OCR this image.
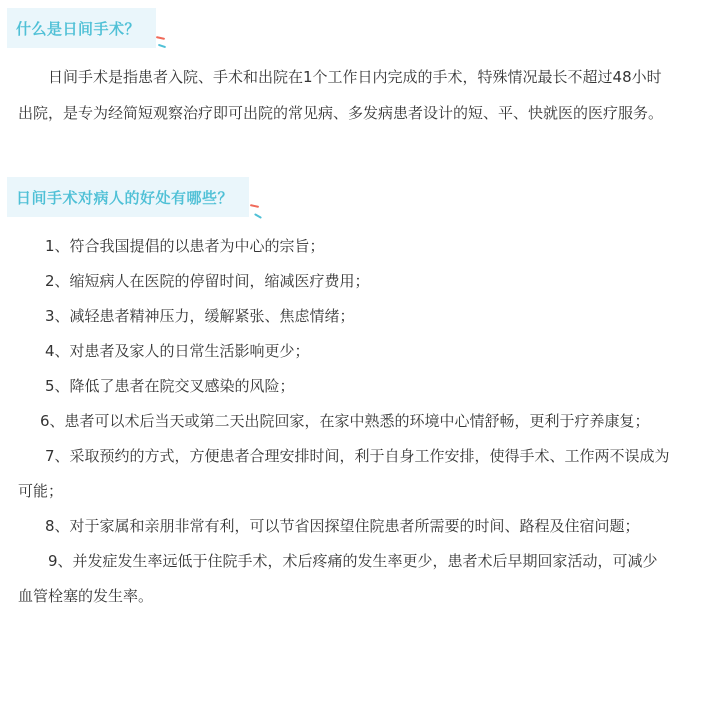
什么是日间手术？

日间手术是指患者入院、手术和出院在1个工作日内完成的手术，特殊情况最长不超过48小时出院，是专为经简短观察治疗即可出院的常见病、多发病患者设计的短、平、快就医的医疗服务。

日间手术对病人的好处有哪些？
1、符合我国提倡的以患者为中心的宗旨；
2、缩短病人在医院的停留时间，缩减医疗费用；
3、减轻患者精神压力，缓解紧张、焦虑情绪；
4、对患者及家人的日常生活影响更少；
5、降低了患者在院交叉感染的风险；
6、患者可以术后当天或第二天出院回家，在家中熟悉的环境中心情舒畅，更利于疗养康复；
7、采取预约的方式，方便患者合理安排时间，利于自身工作安排，使得手术、工作两不误成为可能；
8、对于家属和亲朋非常有利，可以节省因探望住院患者所需要的时间、路程及住宿问题；
9、并发症发生率远低于住院手术，术后疼痛的发生率更少，患者术后早期回家活动，可减少血管栓塞的发生率。
